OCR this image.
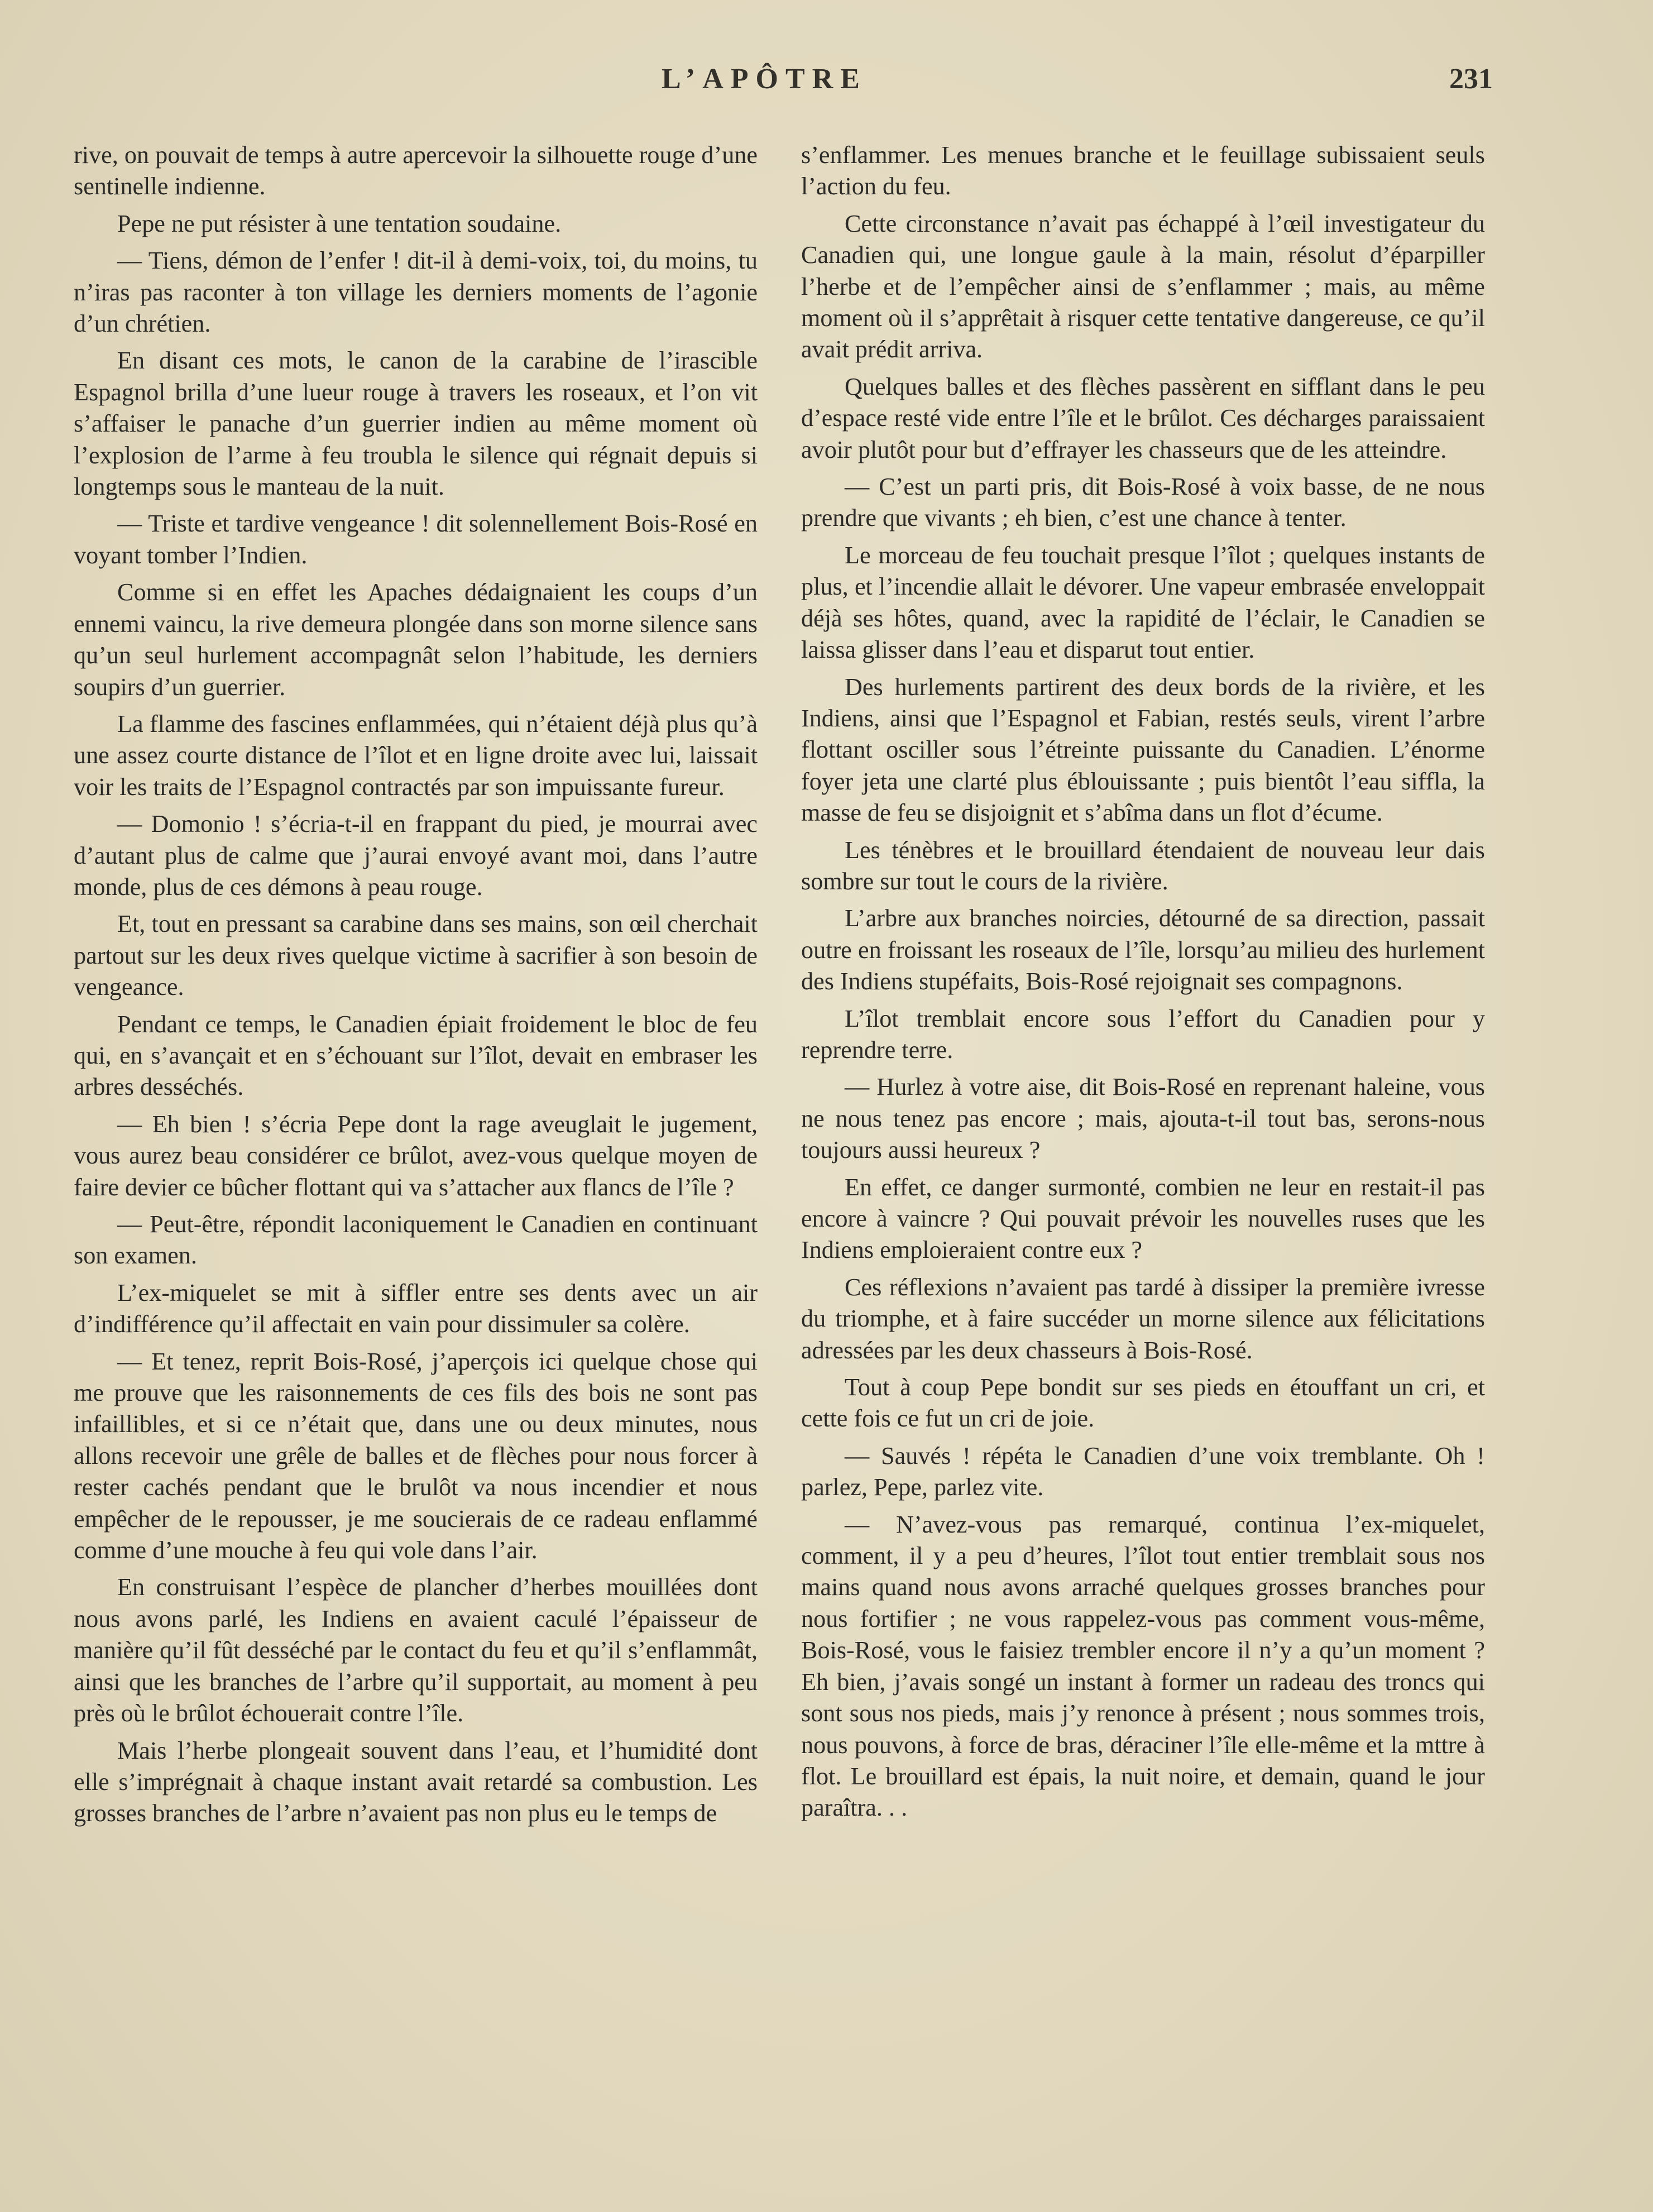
L’APÔTRE	231

rive, on pouvait de temps à autre apercevoir la silhouette rouge d’une sentinelle indienne.

Pepe ne put résister à une tentation soudaine.

— Tiens, démon de l’enfer ! dit-il à demi-voix, toi, du moins, tu n’iras pas raconter à ton village les derniers moments de l’agonie d’un chrétien.

En disant ces mots, le canon de la carabine de l’irascible Espagnol brilla d’une lueur rouge à travers les roseaux, et l’on vit s’affaiser le panache d’un guerrier indien au même moment où l’explosion de l’arme à feu troubla le silence qui régnait depuis si longtemps sous le manteau de la nuit.

— Triste et tardive vengeance ! dit solennellement Bois-Rosé en voyant tomber l’Indien.

Comme si en effet les Apaches dédaignaient les coups d’un ennemi vaincu, la rive demeura plongée dans son morne silence sans qu’un seul hurlement accompagnât selon l’habitude, les derniers soupirs d’un guerrier.

La flamme des fascines enflammées, qui n’étaient déjà plus qu’à une assez courte distance de l’îlot et en ligne droite avec lui, laissait voir les traits de l’Espagnol contractés par son impuissante fureur.

— Domonio ! s’écria-t-il en frappant du pied, je mourrai avec d’autant plus de calme que j’aurai envoyé avant moi, dans l’autre monde, plus de ces démons à peau rouge.

Et, tout en pressant sa carabine dans ses mains, son œil cherchait partout sur les deux rives quelque victime à sacrifier à son besoin de vengeance.

Pendant ce temps, le Canadien épiait froidement le bloc de feu qui, en s’avançait et en s’échouant sur l’îlot, devait en embraser les arbres desséchés.

— Eh bien ! s’écria Pepe dont la rage aveuglait le jugement, vous aurez beau considérer ce brûlot, avez-vous quelque moyen de faire devier ce bûcher flottant qui va s’attacher aux flancs de l’île ?

— Peut-être, répondit laconiquement le Canadien en continuant son examen.

L’ex-miquelet se mit à siffler entre ses dents avec un air d’indifférence qu’il affectait en vain pour dissimuler sa colère.

— Et tenez, reprit Bois-Rosé, j’aperçois ici quelque chose qui me prouve que les raisonnements de ces fils des bois ne sont pas infaillibles, et si ce n’était que, dans une ou deux minutes, nous allons recevoir une grêle de balles et de flèches pour nous forcer à rester cachés pendant que le brulôt va nous incendier et nous empêcher de le repousser, je me soucierais de ce radeau enflammé comme d’une mouche à feu qui vole dans l’air.

En construisant l’espèce de plancher d’herbes mouillées dont nous avons parlé, les Indiens en avaient caculé l’épaisseur de manière qu’il fût desséché par le contact du feu et qu’il s’enflammât, ainsi que les branches de l’arbre qu’il supportait, au moment à peu près où le brûlot échouerait contre l’île.

Mais l’herbe plongeait souvent dans l’eau, et l’humidité dont elle s’imprégnait à chaque instant avait retardé sa combustion. Les grosses branches de l’arbre n’avaient pas non plus eu le temps de

s’enflammer. Les menues branche et le feuillage subissaient seuls l’action du feu.

Cette circonstance n’avait pas échappé à l’œil investigateur du Canadien qui, une longue gaule à la main, résolut d’éparpiller l’herbe et de l’empêcher ainsi de s’enflammer ; mais, au même moment où il s’apprêtait à risquer cette tentative dangereuse, ce qu’il avait prédit arriva.

Quelques balles et des flèches passèrent en sifflant dans le peu d’espace resté vide entre l’île et le brûlot. Ces décharges paraissaient avoir plutôt pour but d’effrayer les chasseurs que de les atteindre.

— C’est un parti pris, dit Bois-Rosé à voix basse, de ne nous prendre que vivants ; eh bien, c’est une chance à tenter.

Le morceau de feu touchait presque l’îlot ; quelques instants de plus, et l’incendie allait le dévorer. Une vapeur embrasée enveloppait déjà ses hôtes, quand, avec la rapidité de l’éclair, le Canadien se laissa glisser dans l’eau et disparut tout entier.

Des hurlements partirent des deux bords de la rivière, et les Indiens, ainsi que l’Espagnol et Fabian, restés seuls, virent l’arbre flottant osciller sous l’étreinte puissante du Canadien. L’énorme foyer jeta une clarté plus éblouissante ; puis bientôt l’eau siffla, la masse de feu se disjoignit et s’abîma dans un flot d’écume.

Les ténèbres et le brouillard étendaient de nouveau leur dais sombre sur tout le cours de la rivière.

L’arbre aux branches noircies, détourné de sa direction, passait outre en froissant les roseaux de l’île, lorsqu’au milieu des hurlement des Indiens stupéfaits, Bois-Rosé rejoignait ses compagnons.

L’îlot tremblait encore sous l’effort du Canadien pour y reprendre terre.

— Hurlez à votre aise, dit Bois-Rosé en reprenant haleine, vous ne nous tenez pas encore ; mais, ajouta-t-il tout bas, serons-nous toujours aussi heureux ?

En effet, ce danger surmonté, combien ne leur en restait-il pas encore à vaincre ? Qui pouvait prévoir les nouvelles ruses que les Indiens emploieraient contre eux ?

Ces réflexions n’avaient pas tardé à dissiper la première ivresse du triomphe, et à faire succéder un morne silence aux félicitations adressées par les deux chasseurs à Bois-Rosé.

Tout à coup Pepe bondit sur ses pieds en étouffant un cri, et cette fois ce fut un cri de joie.

— Sauvés ! répéta le Canadien d’une voix tremblante. Oh ! parlez, Pepe, parlez vite.

— N’avez-vous pas remarqué, continua l’ex-miquelet, comment, il y a peu d’heures, l’îlot tout entier tremblait sous nos mains quand nous avons arraché quelques grosses branches pour nous fortifier ; ne vous rappelez-vous pas comment vous-même, Bois-Rosé, vous le faisiez trembler encore il n’y a qu’un moment ? Eh bien, j’avais songé un instant à former un radeau des troncs qui sont sous nos pieds, mais j’y renonce à présent ; nous sommes trois, nous pouvons, à force de bras, déraciner l’île elle-même et la mttre à flot. Le brouillard est épais, la nuit noire, et demain, quand le jour paraîtra. . .
